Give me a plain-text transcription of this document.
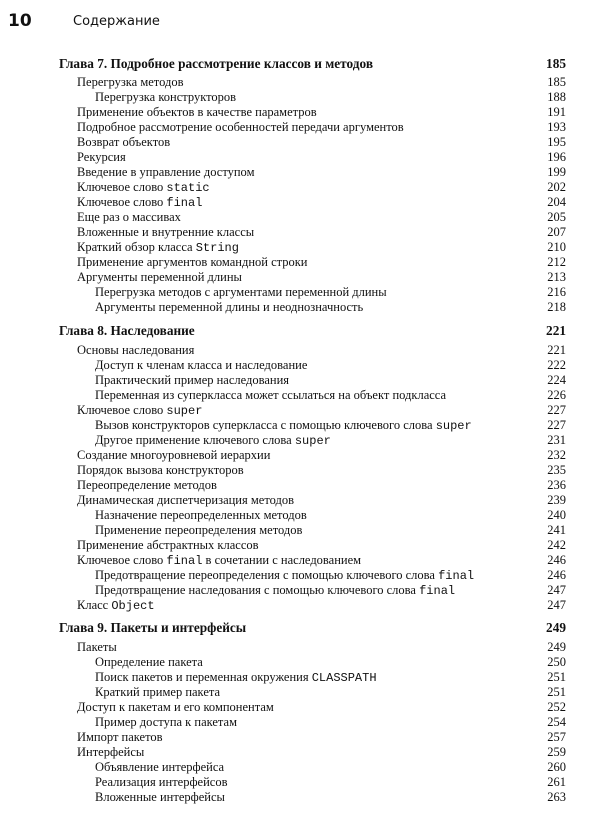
10	Содержание
Глава 7. Подробное рассмотрение классов и методов	185
Перегрузка методов	185
Перегрузка конструкторов	188
Применение объектов в качестве параметров	191
Подробное рассмотрение особенностей передачи аргументов	193
Возврат объектов	195
Рекурсия	196
Введение в управление доступом	199
Ключевое слово static	202
Ключевое слово final	204
Еще раз о массивах	205
Вложенные и внутренние классы	207
Краткий обзор класса String	210
Применение аргументов командной строки	212
Аргументы переменной длины	213
Перегрузка методов с аргументами переменной длины	216
Аргументы переменной длины и неоднозначность	218
Глава 8. Наследование	221
Основы наследования	221
Доступ к членам класса и наследование	222
Практический пример наследования	224
Переменная из суперкласса может ссылаться на объект подкласса	226
Ключевое слово super	227
Вызов конструкторов суперкласса с помощью ключевого слова super	227
Другое применение ключевого слова super	231
Создание многоуровневой иерархии	232
Порядок вызова конструкторов	235
Переопределение методов	236
Динамическая диспетчеризация методов	239
Назначение переопределенных методов	240
Применение переопределения методов	241
Применение абстрактных классов	242
Ключевое слово final в сочетании с наследованием	246
Предотвращение переопределения с помощью ключевого слова final	246
Предотвращение наследования с помощью ключевого слова final	247
Класс Object	247
Глава 9. Пакеты и интерфейсы	249
Пакеты	249
Определение пакета	250
Поиск пакетов и переменная окружения CLASSPATH	251
Краткий пример пакета	251
Доступ к пакетам и его компонентам	252
Пример доступа к пакетам	254
Импорт пакетов	257
Интерфейсы	259
Объявление интерфейса	260
Реализация интерфейсов	261
Вложенные интерфейсы	263
